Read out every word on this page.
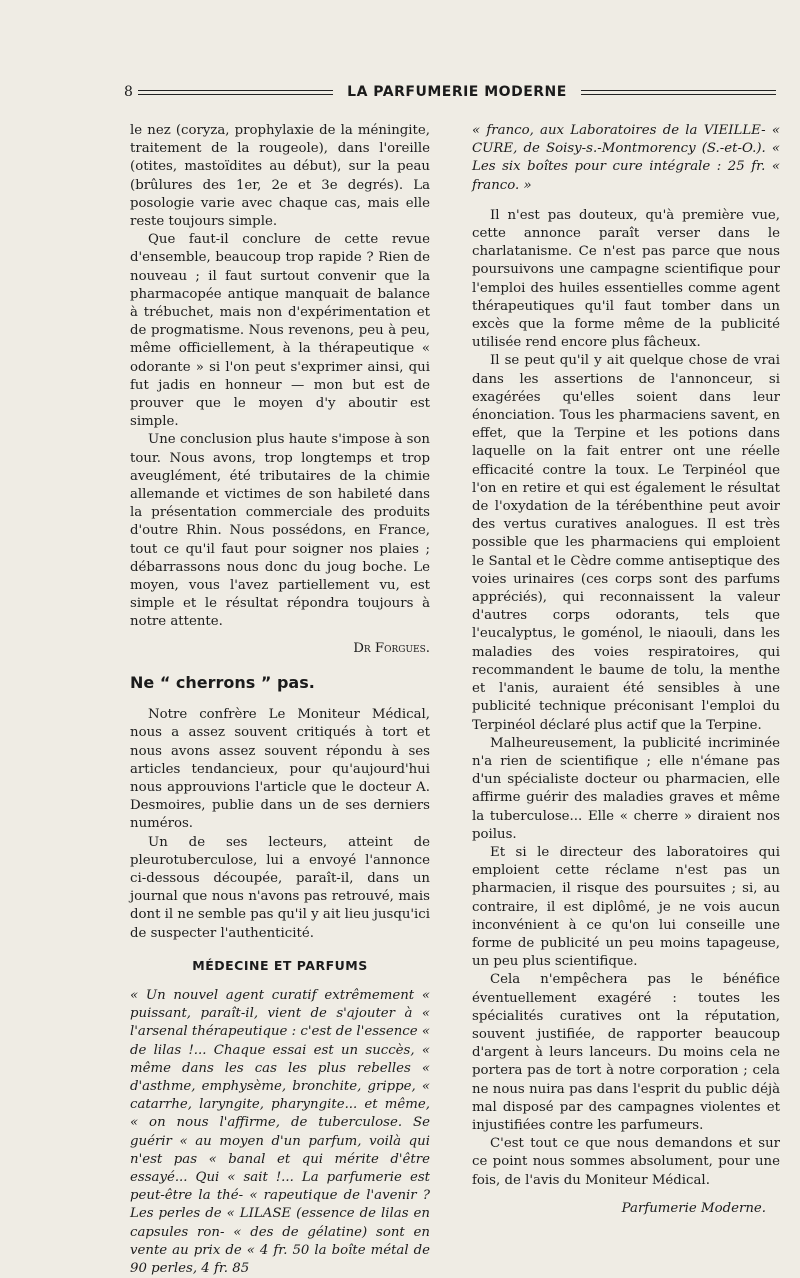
8	LA PARFUMERIE MODERNE

le nez (coryza, prophylaxie de la méningite, traitement de la rougeole), dans l'oreille (otites, mastoïdites au début), sur la peau (brûlures des 1er, 2e et 3e degrés). La posologie varie avec chaque cas, mais elle reste toujours simple.

Que faut-il conclure de cette revue d'ensemble, beaucoup trop rapide ? Rien de nouveau ; il faut surtout convenir que la pharmacopée antique manquait de balance à trébuchet, mais non d'expérimentation et de progmatisme. Nous revenons, peu à peu, même officiellement, à la thérapeutique « odorante » si l'on peut s'exprimer ainsi, qui fut jadis en honneur — mon but est de prouver que le moyen d'y aboutir est simple.

Une conclusion plus haute s'impose à son tour. Nous avons, trop longtemps et trop aveuglément, été tributaires de la chimie allemande et victimes de son habileté dans la présentation commerciale des produits d'outre Rhin. Nous possédons, en France, tout ce qu'il faut pour soigner nos plaies ; débarrassons nous donc du joug boche. Le moyen, vous l'avez partiellement vu, est simple et le résultat répondra toujours à notre attente.

Dr Forgues.
Ne “ cherrons ” pas.

Notre confrère Le Moniteur Médical, nous a assez souvent critiqués à tort et nous avons assez souvent répondu à ses articles tendancieux, pour qu'aujourd'hui nous approuvions l'article que le docteur A. Desmoires, publie dans un de ses derniers numéros.

Un de ses lecteurs, atteint de pleurotuberculose, lui a envoyé l'annonce ci-dessous découpée, paraît-il, dans un journal que nous n'avons pas retrouvé, mais dont il ne semble pas qu'il y ait lieu jusqu'ici de suspecter l'authenticité.

MÉDECINE ET PARFUMS

« Un nouvel agent curatif extrêmement « puissant, paraît-il, vient de s'ajouter à « l'arsenal thérapeutique : c'est de l'essence « de lilas !... Chaque essai est un succès, « même dans les cas les plus rebelles « d'asthme, emphysème, bronchite, grippe, « catarrhe, laryngite, pharyngite... et même, « on nous l'affirme, de tuberculose. Se guérir « au moyen d'un parfum, voilà qui n'est pas « banal et qui mérite d'être essayé... Qui « sait !... La parfumerie est peut-être la thé- « rapeutique de l'avenir ? Les perles de « LILASE (essence de lilas en capsules ron- « des de gélatine) sont en vente au prix de « 4 fr. 50 la boîte métal de 90 perles, 4 fr. 85

« franco, aux Laboratoires de la VIEILLE- « CURE, de Soisy-s.-Montmorency (S.-et-O.). « Les six boîtes pour cure intégrale : 25 fr. « franco. »

Il n'est pas douteux, qu'à première vue, cette annonce paraît verser dans le charlatanisme. Ce n'est pas parce que nous poursuivons une campagne scientifique pour l'emploi des huiles essentielles comme agent thérapeutiques qu'il faut tomber dans un excès que la forme même de la publicité utilisée rend encore plus fâcheux.

Il se peut qu'il y ait quelque chose de vrai dans les assertions de l'annonceur, si exagérées qu'elles soient dans leur énonciation. Tous les pharmaciens savent, en effet, que la Terpine et les potions dans laquelle on la fait entrer ont une réelle efficacité contre la toux. Le Terpinéol que l'on en retire et qui est également le résultat de l'oxydation de la térébenthine peut avoir des vertus curatives analogues. Il est très possible que les pharmaciens qui emploient le Santal et le Cèdre comme antiseptique des voies urinaires (ces corps sont des parfums appréciés), qui reconnaissent la valeur d'autres corps odorants, tels que l'eucalyptus, le goménol, le niaouli, dans les maladies des voies respiratoires, qui recommandent le baume de tolu, la menthe et l'anis, auraient été sensibles à une publicité technique préconisant l'emploi du Terpinéol déclaré plus actif que la Terpine.

Malheureusement, la publicité incriminée n'a rien de scientifique ; elle n'émane pas d'un spécialiste docteur ou pharmacien, elle affirme guérir des maladies graves et même la tuberculose... Elle « cherre » diraient nos poilus.

Et si le directeur des laboratoires qui emploient cette réclame n'est pas un pharmacien, il risque des poursuites ; si, au contraire, il est diplômé, je ne vois aucun inconvénient à ce qu'on lui conseille une forme de publicité un peu moins tapageuse, un peu plus scientifique.

Cela n'empêchera pas le bénéfice éventuellement exagéré : toutes les spécialités curatives ont la réputation, souvent justifiée, de rapporter beaucoup d'argent à leurs lanceurs. Du moins cela ne portera pas de tort à notre corporation ; cela ne nous nuira pas dans l'esprit du public déjà mal disposé par des campagnes violentes et injustifiées contre les parfumeurs.

C'est tout ce que nous demandons et sur ce point nous sommes absolument, pour une fois, de l'avis du Moniteur Médical.

Parfumerie Moderne.
